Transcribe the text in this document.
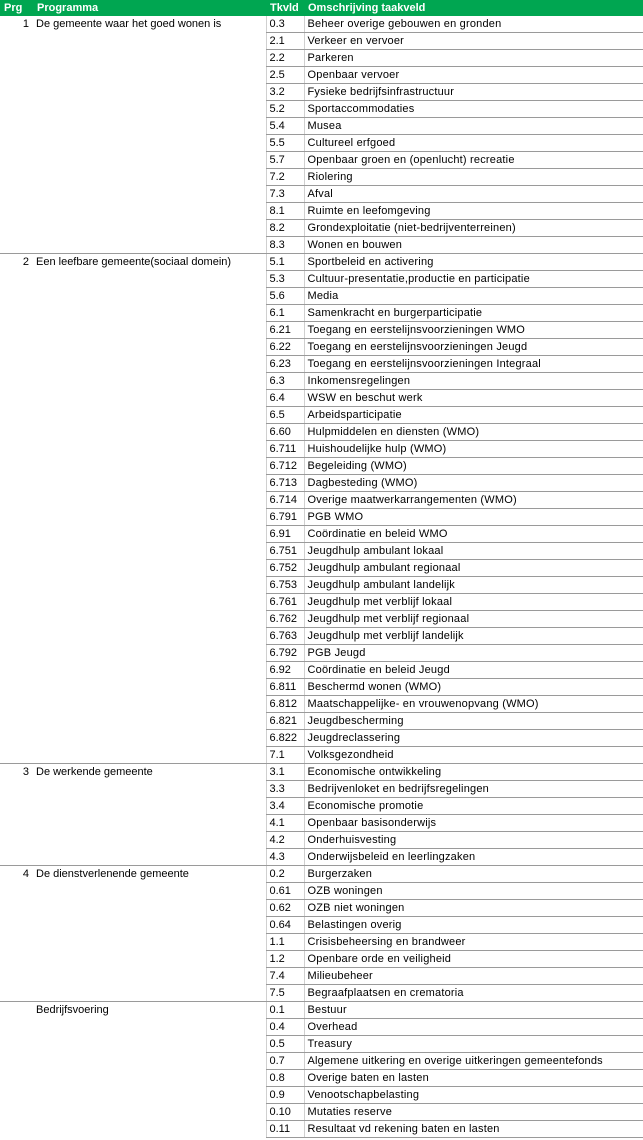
Prg	Programma	Tkvld	Omschrijving taakveld
1	De gemeente waar het goed wonen is	0.3	Beheer overige gebouwen en gronden
		2.1	Verkeer en vervoer
		2.2	Parkeren
		2.5	Openbaar vervoer
		3.2	Fysieke bedrijfsinfrastructuur
		5.2	Sportaccommodaties
		5.4	Musea
		5.5	Cultureel erfgoed
		5.7	Openbaar groen en (openlucht) recreatie
		7.2	Riolering
		7.3	Afval
		8.1	Ruimte en leefomgeving
		8.2	Grondexploitatie (niet-bedrijventerreinen)
		8.3	Wonen en bouwen
2	Een leefbare gemeente(sociaal domein)	5.1	Sportbeleid en activering
		5.3	Cultuur-presentatie,productie en participatie
		5.6	Media
		6.1	Samenkracht en burgerparticipatie
		6.21	Toegang en eerstelijnsvoorzieningen WMO
		6.22	Toegang en eerstelijnsvoorzieningen Jeugd
		6.23	Toegang en eerstelijnsvoorzieningen Integraal
		6.3	Inkomensregelingen
		6.4	WSW en beschut werk
		6.5	Arbeidsparticipatie
		6.60	Hulpmiddelen en diensten (WMO)
		6.711	Huishoudelijke hulp (WMO)
		6.712	Begeleiding (WMO)
		6.713	Dagbesteding (WMO)
		6.714	Overige maatwerkarrangementen (WMO)
		6.791	PGB WMO
		6.91	Coördinatie en beleid WMO
		6.751	Jeugdhulp ambulant lokaal
		6.752	Jeugdhulp ambulant regionaal
		6.753	Jeugdhulp ambulant landelijk
		6.761	Jeugdhulp met verblijf lokaal
		6.762	Jeugdhulp met verblijf regionaal
		6.763	Jeugdhulp met verblijf landelijk
		6.792	PGB Jeugd
		6.92	Coördinatie en beleid Jeugd
		6.811	Beschermd wonen (WMO)
		6.812	Maatschappelijke- en vrouwenopvang (WMO)
		6.821	Jeugdbescherming
		6.822	Jeugdreclassering
		7.1	Volksgezondheid
3	De werkende gemeente	3.1	Economische ontwikkeling
		3.3	Bedrijvenloket en bedrijfsregelingen
		3.4	Economische promotie
		4.1	Openbaar basisonderwijs
		4.2	Onderhuisvesting
		4.3	Onderwijsbeleid en leerlingzaken
4	De dienstverlenende gemeente	0.2	Burgerzaken
		0.61	OZB woningen
		0.62	OZB niet woningen
		0.64	Belastingen overig
		1.1	Crisisbeheersing en brandweer
		1.2	Openbare orde en veiligheid
		7.4	Milieubeheer
		7.5	Begraafplaatsen en crematoria
	Bedrijfsvoering	0.1	Bestuur
		0.4	Overhead
		0.5	Treasury
		0.7	Algemene uitkering en overige uitkeringen gemeentefonds
		0.8	Overige baten en lasten
		0.9	Venootschapbelasting
		0.10	Mutaties reserve
		0.11	Resultaat vd rekening baten en lasten
